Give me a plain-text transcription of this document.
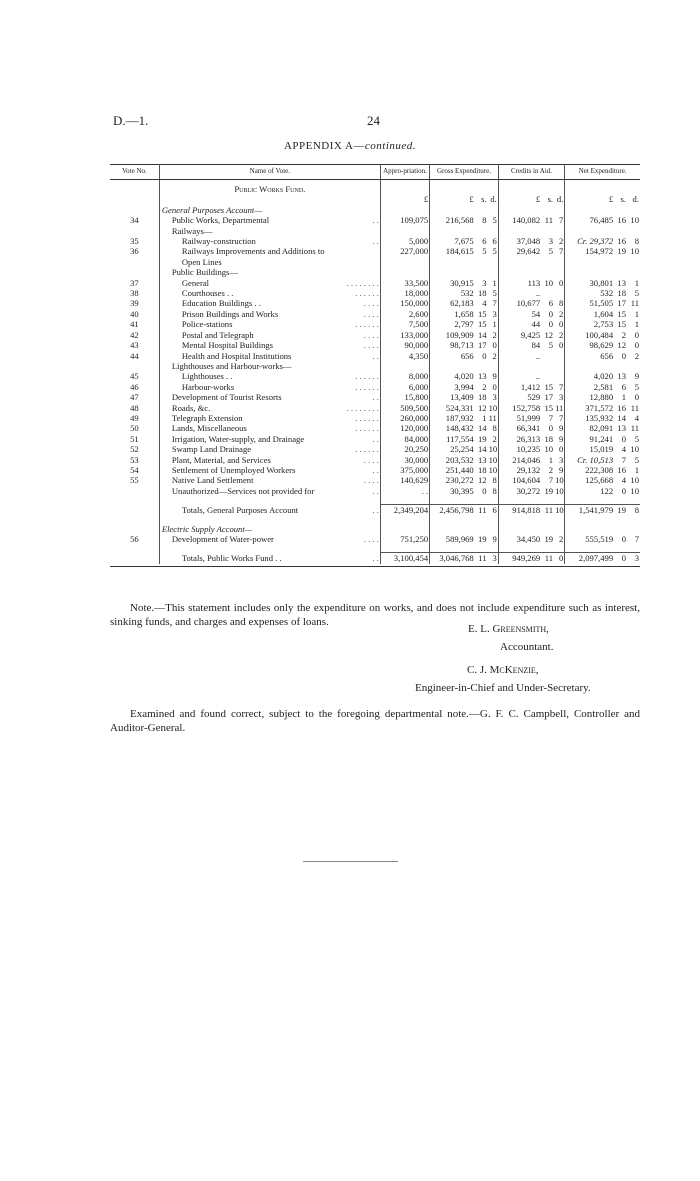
D.—1.	24
APPENDIX A—continued.
Vote No.	Name of Vote.	Appro-priation.	Gross Expenditure.			Credits in Aid.			Net Expenditure.		
	Public Works Fund.										
		£	£	s.	d.	£	s.	d.	£	s.	d.

	General Purposes Account—										

34	Public Works, Departmental . .	109,075	216,568	8	5	140,082	11	7	76,485	16	10

	Railways—										

35	Railway-construction . .	5,000	7,675	6	6	37,048	3	2	Cr. 29,372	16	8
36	Railways Improvements and Additions to	227,000	184,615	5	5	29,642	5	7	154,972	19	10

	Open Lines										

	Public Buildings—										

37	General . . . . . . . .	33,500	30,915	3	1	113	10	0	30,801	13	1
38	Courthouses . . . . . . . .	18,000	532	18	5	..			532	18	5
39	Education Buildings . . . . . .	150,000	62,183	4	7	10,677	6	8	51,505	17	11
40	Prison Buildings and Works . . . .	2,600	1,658	15	3	54	0	2	1,604	15	1
41	Police-stations . . . . . .	7,500	2,797	15	1	44	0	0	2,753	15	1
42	Postal and Telegraph . . . .	133,000	109,909	14	2	9,425	12	2	100,484	2	0
43	Mental Hospital Buildings . . . .	90,000	98,713	17	0	84	5	0	98,629	12	0
44	Health and Hospital Institutions . .	4,350	656	0	2	..			656	0	2

	Lighthouses and Harbour-works—										

45	Lighthouses . . . . . . . .	8,000	4,020	13	9	..			4,020	13	9
46	Harbour-works . . . . . .	6,000	3,994	2	0	1,412	15	7	2,581	6	5
47	Development of Tourist Resorts . .	15,800	13,409	18	3	529	17	3	12,880	1	0
48	Roads, &c. . . . . . . . .	509,500	524,331	12	10	152,758	15	11	371,572	16	11
49	Telegraph Extension . . . . . .	260,000	187,932	1	11	51,999	7	7	135,932	14	4
50	Lands, Miscellaneous . . . . . .	120,000	148,432	14	8	66,341	0	9	82,091	13	11
51	Irrigation, Water-supply, and Drainage . .	84,000	117,554	19	2	26,313	18	9	91,241	0	5
52	Swamp Land Drainage . . . . . .	20,250	25,254	14	10	10,235	10	0	15,019	4	10
53	Plant, Material, and Services . . . .	30,000	203,532	13	10	214,046	1	3	Cr. 10,513	7	5
54	Settlement of Unemployed Workers . .	375,000	251,440	18	10	29,132	2	9	222,308	16	1
55	Native Land Settlement . . . .	140,629	230,272	12	8	104,604	7	10	125,668	4	10

	Unauthorized—Services not provided for . .	. .	30,395	0	8	30,272	19	10	122	0	10

	Totals, General Purposes Account . .	2,349,204	2,456,798	11	6	914,818	11	10	1,541,979	19	8

	Electric Supply Account—										

56	Development of Water-power . . . .	751,250	589,969	19	9	34,450	19	2	555,519	0	7

	Totals, Public Works Fund . . . .	3,100,454	3,046,768	11	3	949,269	11	0	2,097,499	0	3

Note.—This statement includes only the expenditure on works, and does not include expenditure such as interest, sinking funds, and charges and expenses of loans.
E. L. Greensmith,
Accountant.
C. J. McKenzie,
Engineer-in-Chief and Under-Secretary.
Examined and found correct, subject to the foregoing departmental note.—G. F. C. Campbell, Controller and Auditor-General.
